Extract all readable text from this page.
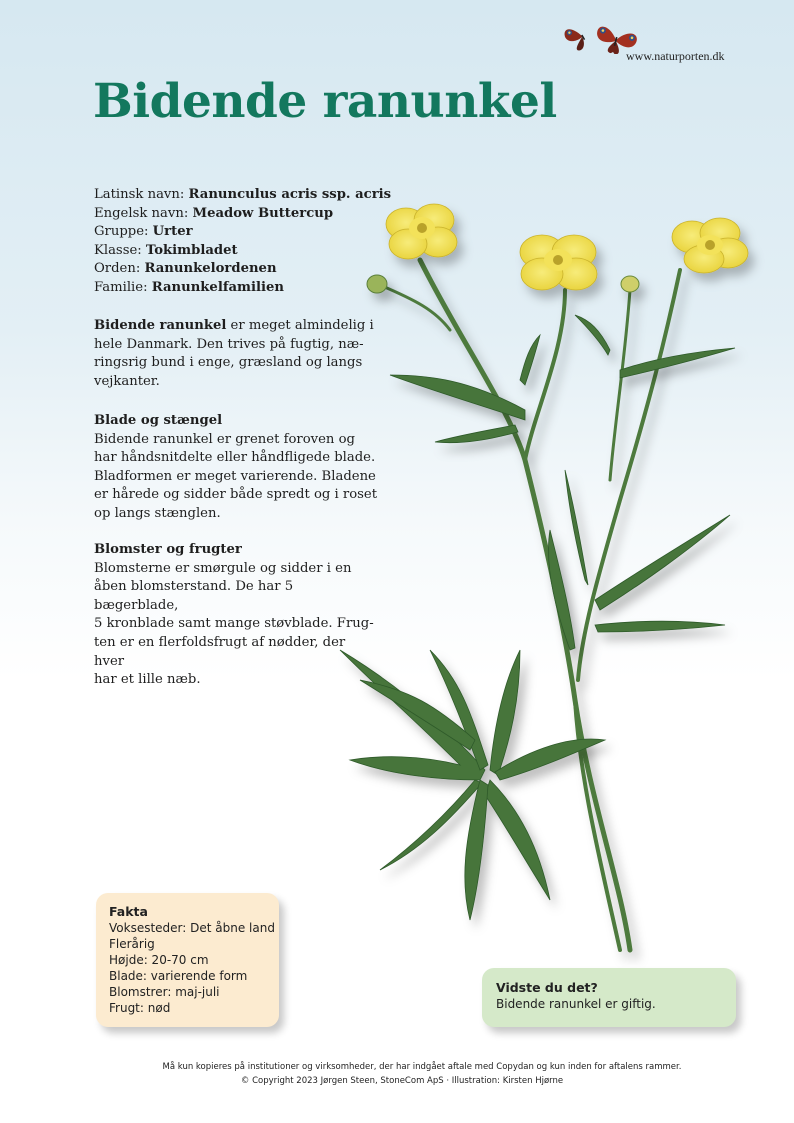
www.naturporten.dk
Bidende ranunkel
Latinsk navn: Ranunculus acris ssp. acris
Engelsk navn: Meadow Buttercup
Gruppe: Urter
Klasse: Tokimbladet
Orden: Ranunkelordenen
Familie: Ranunkelfamilien

Bidende ranunkel er meget almindelig i
hele Danmark. Den trives på fugtig, næ-
ringsrig bund i enge, græsland og langs
vejkanter.

Blade og stængel
Bidende ranunkel er grenet foroven og
har håndsnitdelte eller håndfligede blade.
Bladformen er meget varierende. Bladene
er hårede og sidder både spredt og i roset
op langs stænglen.

Blomster og frugter
Blomsterne er smørgule og sidder i en
åben blomsterstand. De har 5 bægerblade,
5 kronblade samt mange støvblade. Frug-
ten er en flerfoldsfrugt af nødder, der hver
har et lille næb.

Fakta
Voksesteder: Det åbne land
Flerårig
Højde: 20-70 cm
Blade: varierende form
Blomstrer: maj-juli
Frugt: nød
Vidste du det?
Bidende ranunkel er giftig.
Må kun kopieres på institutioner og virksomheder, der har indgået aftale med Copydan og kun inden for aftalens rammer.
© Copyright 2023 Jørgen Steen, StoneCom ApS · Illustration: Kirsten Hjørne
